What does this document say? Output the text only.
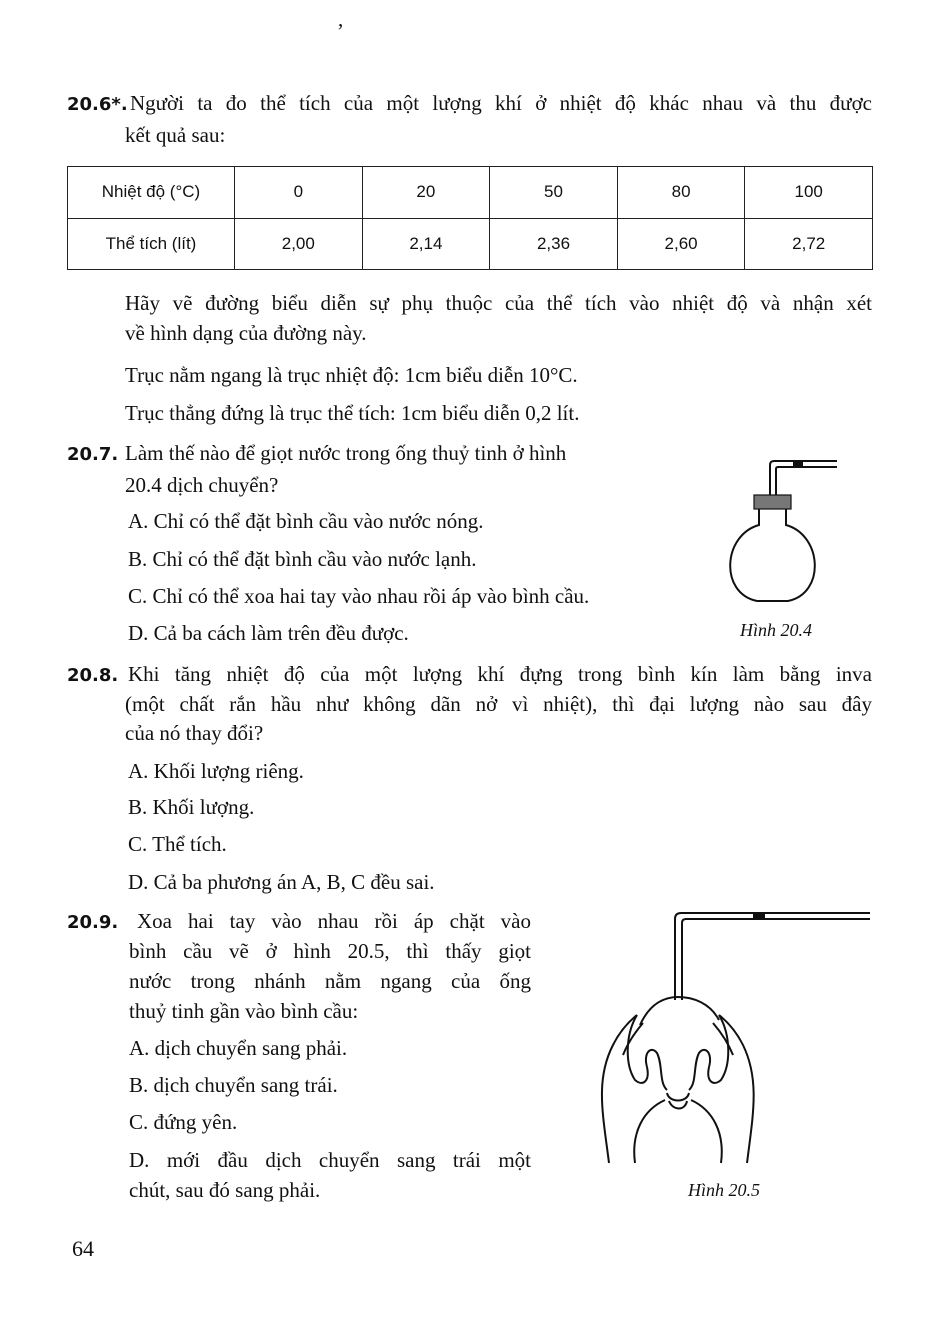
,
20.6*. Người ta đo thể tích của một lượng khí ở nhiệt độ khác nhau và thu được
kết quả sau:
Nhiệt độ (°C)	0	20	50	80	100
Thể tích (lít)	2,00	2,14	2,36	2,60	2,72
Hãy vẽ đường biểu diễn sự phụ thuộc của thể tích vào nhiệt độ và nhận xét
về hình dạng của đường này.
Trục nằm ngang là trục nhiệt độ: 1cm biểu diễn 10°C.
Trục thẳng đứng là trục thể tích: 1cm biểu diễn 0,2 lít.
20.7. Làm thế nào để giọt nước trong ống thuỷ tinh ở hình
20.4 dịch chuyển?
A. Chỉ có thể đặt bình cầu vào nước nóng.
B. Chỉ có thể đặt bình cầu vào nước lạnh.
C. Chỉ có thể xoa hai tay vào nhau rồi áp vào bình cầu.
D. Cả ba cách làm trên đều được.	Hình 20.4
20.8. Khi tăng nhiệt độ của một lượng khí đựng trong bình kín làm bằng inva
(một chất rắn hầu như không dãn nở vì nhiệt), thì đại lượng nào sau đây
của nó thay đổi?
A. Khối lượng riêng.
B. Khối lượng.
C. Thể tích.
D. Cả ba phương án A, B, C đều sai.
20.9. Xoa hai tay vào nhau rồi áp chặt vào
bình cầu vẽ ở hình 20.5, thì thấy giọt
nước trong nhánh nằm ngang của ống
thuỷ tinh gần vào bình cầu:
A. dịch chuyển sang phải.
B. dịch chuyển sang trái.
C. đứng yên.
D. mới đầu dịch chuyển sang trái một
chút, sau đó sang phải.	Hình 20.5
64
